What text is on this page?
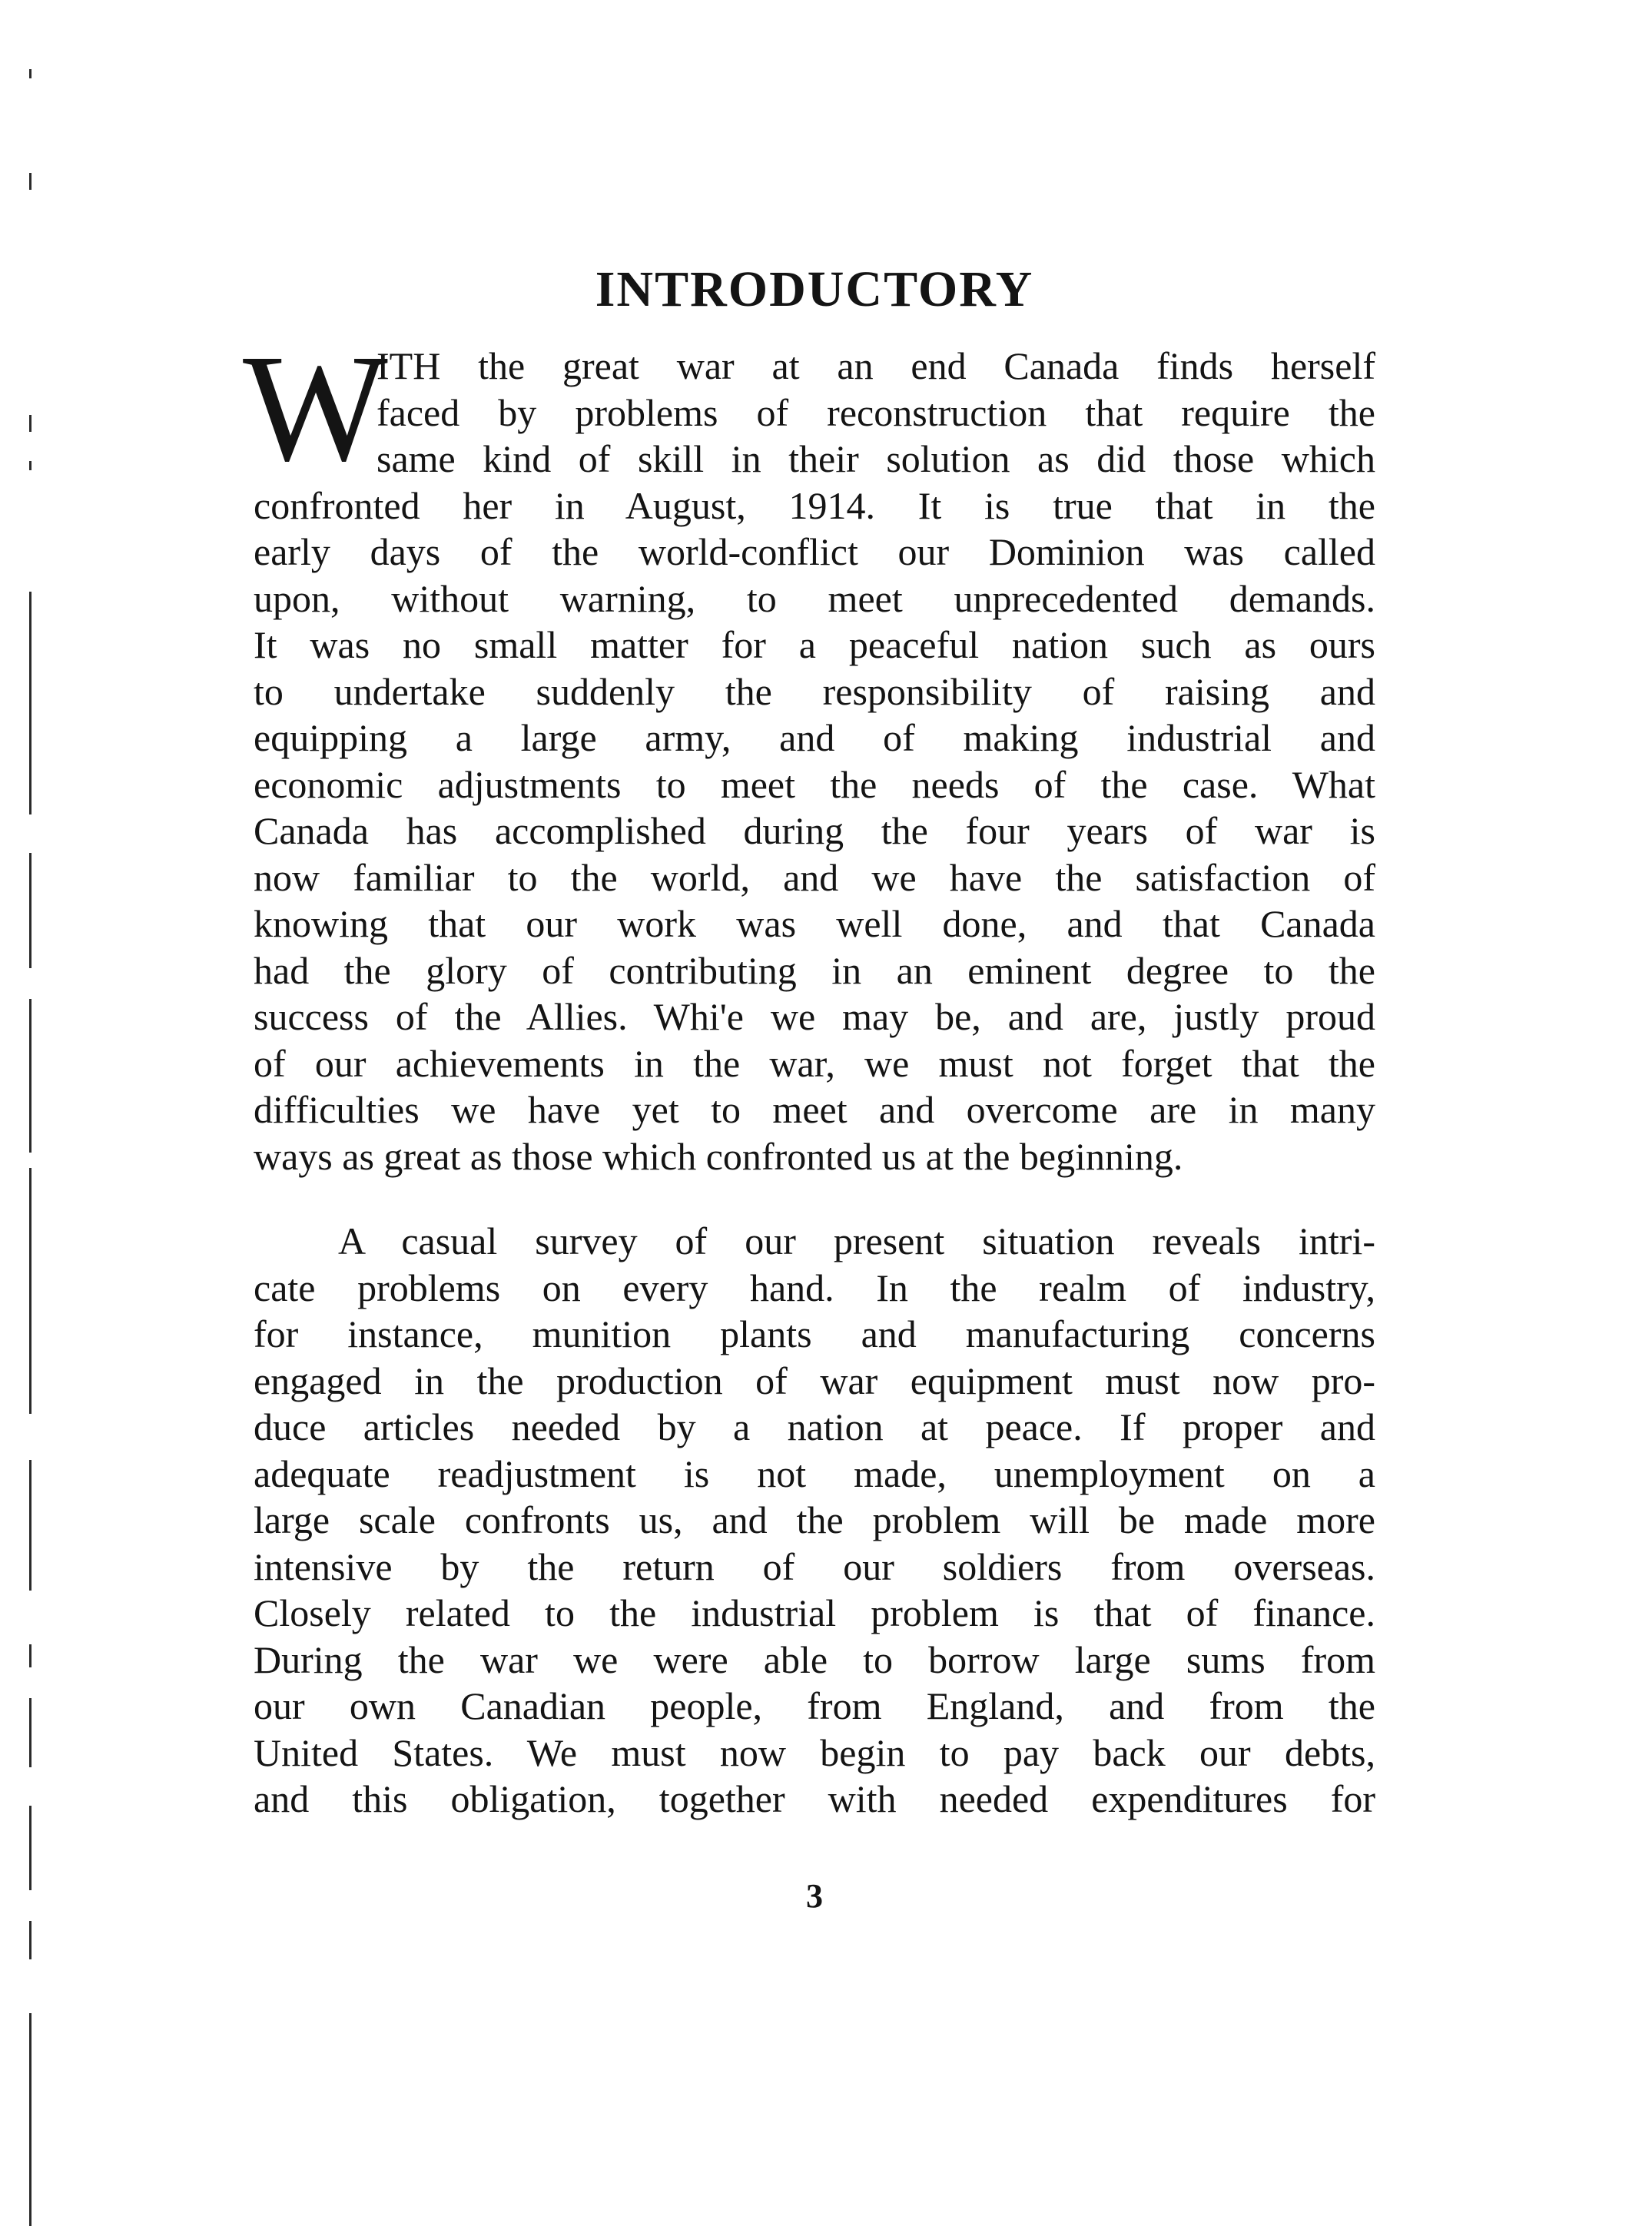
INTRODUCTORY
W
ITH the great war at an end Canada finds herself
faced by problems of reconstruction that require the
same kind of skill in their solution as did those which
confronted her in August, 1914. It is true that in the
early days of the world-conflict our Dominion was called
upon, without warning, to meet unprecedented demands.
It was no small matter for a peaceful nation such as ours
to undertake suddenly the responsibility of raising and
equipping a large army, and of making industrial and
economic adjustments to meet the needs of the case. What
Canada has accomplished during the four years of war is
now familiar to the world, and we have the satisfaction of
knowing that our work was well done, and that Canada
had the glory of contributing in an eminent degree to the
success of the Allies. Whi'e we may be, and are, justly proud
of our achievements in the war, we must not forget that the
difficulties we have yet to meet and overcome are in many
ways as great as those which confronted us at the beginning.
A casual survey of our present situation reveals intri-
cate problems on every hand. In the realm of industry,
for instance, munition plants and manufacturing concerns
engaged in the production of war equipment must now pro-
duce articles needed by a nation at peace. If proper and
adequate readjustment is not made, unemployment on a
large scale confronts us, and the problem will be made more
intensive by the return of our soldiers from overseas.
Closely related to the industrial problem is that of finance.
During the war we were able to borrow large sums from
our own Canadian people, from England, and from the
United States. We must now begin to pay back our debts,
and this obligation, together with needed expenditures for
3
